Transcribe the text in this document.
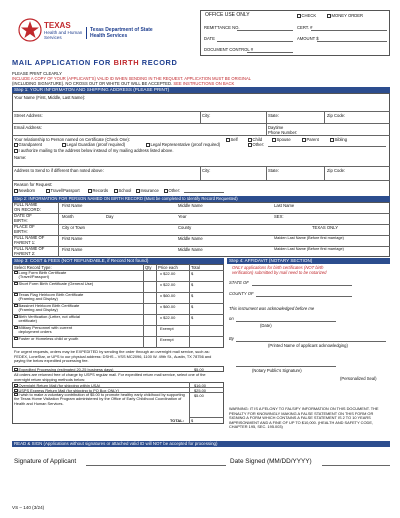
TEXAS
Health and Human
Services
Texas Department of State
Health Services
OFFICE USE ONLY	CHECK	MONEY ORDER
REMITTANCE NO.	CERT. #
DATE	AMOUNT $
DOCUMENT CONTROL #
MAIL APPLICATION FOR BIRTH RECORD
PLEASE PRINT CLEARLY
INCLUDE A COPY OF YOUR (APPLICANT'S) VALID ID WHEN SENDING IN THE REQUEST. APPLICATION MUST BE ORIGINAL
(INCLUDING SIGNATURE). NO CROSS OUT OR WHITE OUT WILL BE ACCEPTED. SEE INSTRUCTIONS ON BACK
Step 1: YOUR INFORMATON AND SHIPPING ADDRESS (PLEASE PRINT)
Your Name (First, Middle, Last Name):
Street Address:	City:	State:	Zip Code:
Email Address:	Daytime
Phone Number:
Your relationship to Person named on Certificate (Check One):	Self	Child	Spouse	Parent	Sibling
Grandparent	Legal Guardian (proof required)	Legal Representative (proof required)	Other:
I authorize mailing to the address below instead of my mailing address listed above.
Name:
Address to Send to if different than noted above:	City:	State:	Zip Code:
Reason for Request:
Newborn	Travel/Passport	Records	School	Insurance	Other:
Step 2: INFORMATION FOR PERSON NAMED ON BIRTH RECORD (Must be completed to Identify Record Requested)
FULL NAME
ON RECORD:
First Name	Middle Name	Last Name
DATE OF
BIRTH:
Month	Day	Year	SEX:
PLACE OF
BIRTH:
City or Town	County	TEXAS ONLY
FULL NAME OF
PARENT 1:
First Name	Middle Name	Maiden Last Name (Before first marriage)
FULL NAME OF
PARENT 2:
First Name	Middle Name	Maiden Last Name (Before first marriage)
Step 3: COST & FEES (NOT REFUNDABLE, if Record Not found)	Step 4: AFFIDAVIT (NOTARY SECTION)
Select Record Type:	Qty Price each	Total
Long Form Birth Certificate
(Travel/Passport)
x $22.00	$
Short Form Birth Certificate (General Use)	x $22.00	$
Texas Flag Heirloom Birth Certificate
(Framing and Display)
x $60.00	$
Bassinet Heirloom Birth Certificate
(Framing and Display)
x $60.00	$
Birth Verification (Letter, not official
certificate)
x $22.00	$
Military Personnel with current
deployment orders
Exempt
Foster or Homeless child or youth	Exempt
For urgent requests, orders may be EXPEDITED by sending the order through an overnight mail service, such as: FEDEX, LoneStar, or UPS to our physical address: DSHS – VSS MC2096, 1100 W. 49th St., Austin, TX 78756 and paying the below expedited processing fee.
Expedited Processing (estimated 20-25 business days)	$5.00
All orders are returned free of charge by USPS regular mail. For expedited return mail service, select one of the overnight return shipping methods below:
Overnight Return Mail (for shipping within USA)	$16.00
USPS Express Return Mail (for shipping to PO Box ONLY)	$25.00
I wish to make a voluntary contribution of $5.00 to promote healthy early childhood by supporting the Texas Home Visitation Program administered by the Office of Early Childhood Coordination of Health and Human Services.
$5.00
TOTAL: $
ONLY applications for birth certificates (NOT birth
verification) submitted by mail need to be notarized
STATE OF
COUNTY OF
This instrument was acknowledged before me
on
(Date)
By
(Printed Name of applicant acknowledging)
(Notary Public's Signature)
(Personalized Seal)
WARNING: IT IS A FELONY TO FALSIFY INFORMATION ON THIS DOCUMENT. THE PENALTY FOR KNOWINGLY MAKING A FALSE STATEMENT ON THIS FORM OR SIGNING A FORM WHICH CONTAINS A FALSE STATEMENT IS 2 TO 10 YEARS IMPRISONMENT AND A FINE OF UP TO $10,000. (HEALTH AND SAFETY CODE, CHAPTER 195, SEC. 195.003)
READ & SIGN (Applications without signatures or attached valid ID will NOT be accepted for processing)
Signature of Applicant	Date Signed (MM/DD/YYYY)
VS – 140 (3/24)
